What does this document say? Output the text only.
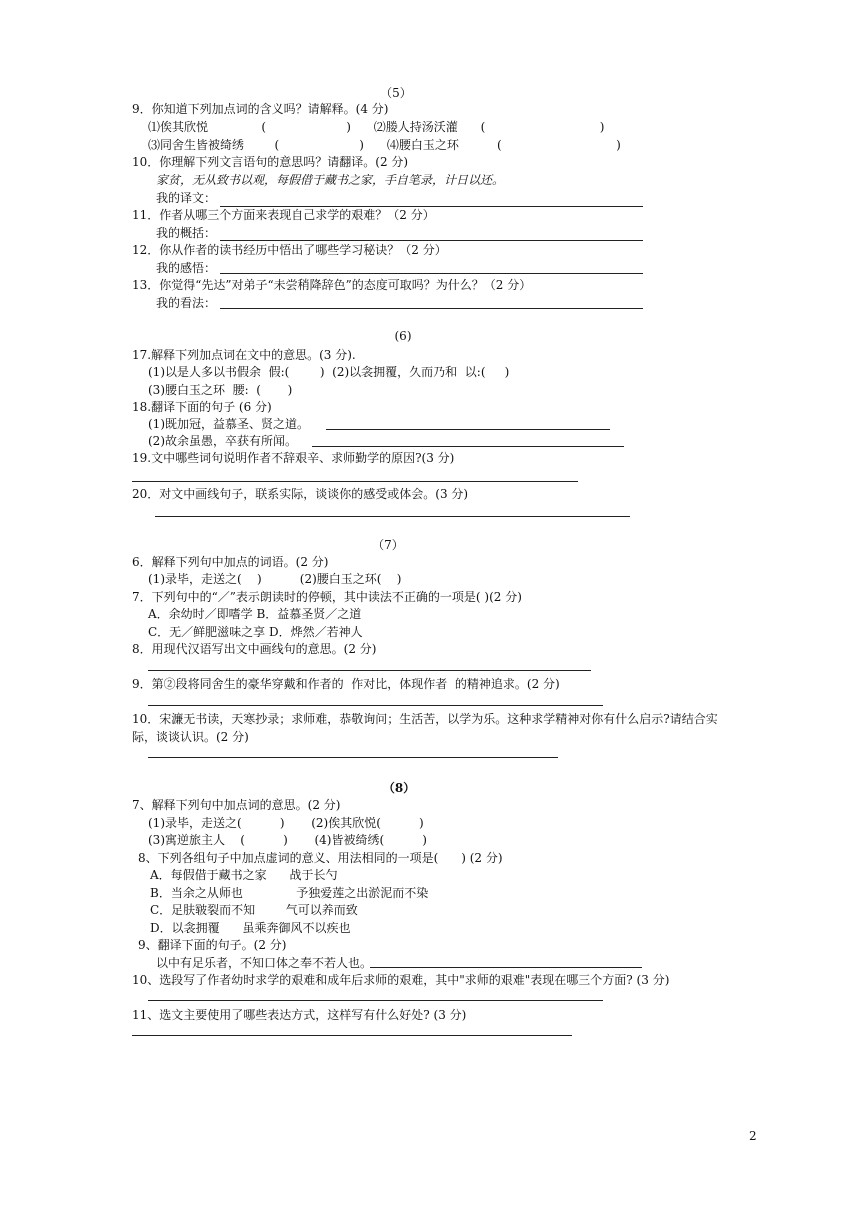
（5）
9．你知道下列加点词的含义吗？请解释。(4 分)
⑴俟其欣悦              (                     )      ⑵媵人持汤沃灌      (                              )
⑶同舍生皆被绮绣        (                     )      ⑷腰白玉之环          (                              )
10．你理解下列文言语句的意思吗？请翻译。(2 分)
家贫，无从致书以观，每假借于藏书之家，手自笔录，计日以还。
我的译文：
11．作者从哪三个方面来表现自己求学的艰难？（2 分）
我的概括：
12．你从作者的读书经历中悟出了哪些学习秘诀？（2 分）
我的感悟：
13．你觉得“先达”对弟子“未尝稍降辞色”的态度可取吗？为什么？（2 分）
我的看法：
(6)
17.解释下列加点词在文中的意思。(3 分).
(1)以是人多以书假余  假:(        )  (2)以衾拥覆，久而乃和  以:(     )
(3)腰白玉之环  腰:  (       )
18.翻译下面的句子 (6 分)
(1)既加冠，益慕圣、贤之道。
(2)故余虽愚，卒获有所闻。
19.文中哪些词句说明作者不辞艰辛、求师勤学的原因?(3 分)
20．对文中画线句子，联系实际，谈谈你的感受或体会。(3 分)
（7）
6．解释下列句中加点的词语。(2 分)
(1)录毕，走送之(    )          (2)腰白玉之环(    )
7．下列句中的“／”表示朗读时的停顿，其中读法不正确的一项是( )(2 分)
A．余幼时／即嗜学 B．益慕圣贤／之道
C．无／鲜肥滋味之享 D．烨然／若神人
8．用现代汉语写出文中画线句的意思。(2 分)
9．第②段将同舍生的豪华穿戴和作者的  作对比，体现作者  的精神追求。(2 分)
10．宋濂无书读，天寒抄录；求师难，恭敬询问；生活苦，以学为乐。这种求学精神对你有什么启示?请结合实
际，谈谈认识。(2 分)
（8）
7、解释下列句中加点词的意思。(2 分)
(1)录毕，走送之(          )       (2)俟其欣悦(          )
(3)寓逆旅主人    (          )       (4)皆被绮绣(          )
8、下列各组句子中加点虚词的意义、用法相同的一项是(      ) (2 分)
A．每假借于藏书之家      战于长勺
B．当余之从师也              予独爱莲之出淤泥而不染
C．足肤皲裂而不知        气可以养而致
D．以衾拥覆      虽乘奔御风不以疾也
9、翻译下面的句子。(2 分)
以中有足乐者，不知口体之奉不若人也。
10、选段写了作者幼时求学的艰难和成年后求师的艰难，其中"求师的艰难"表现在哪三个方面? (3 分)
11、选文主要使用了哪些表达方式，这样写有什么好处? (3 分)
2
